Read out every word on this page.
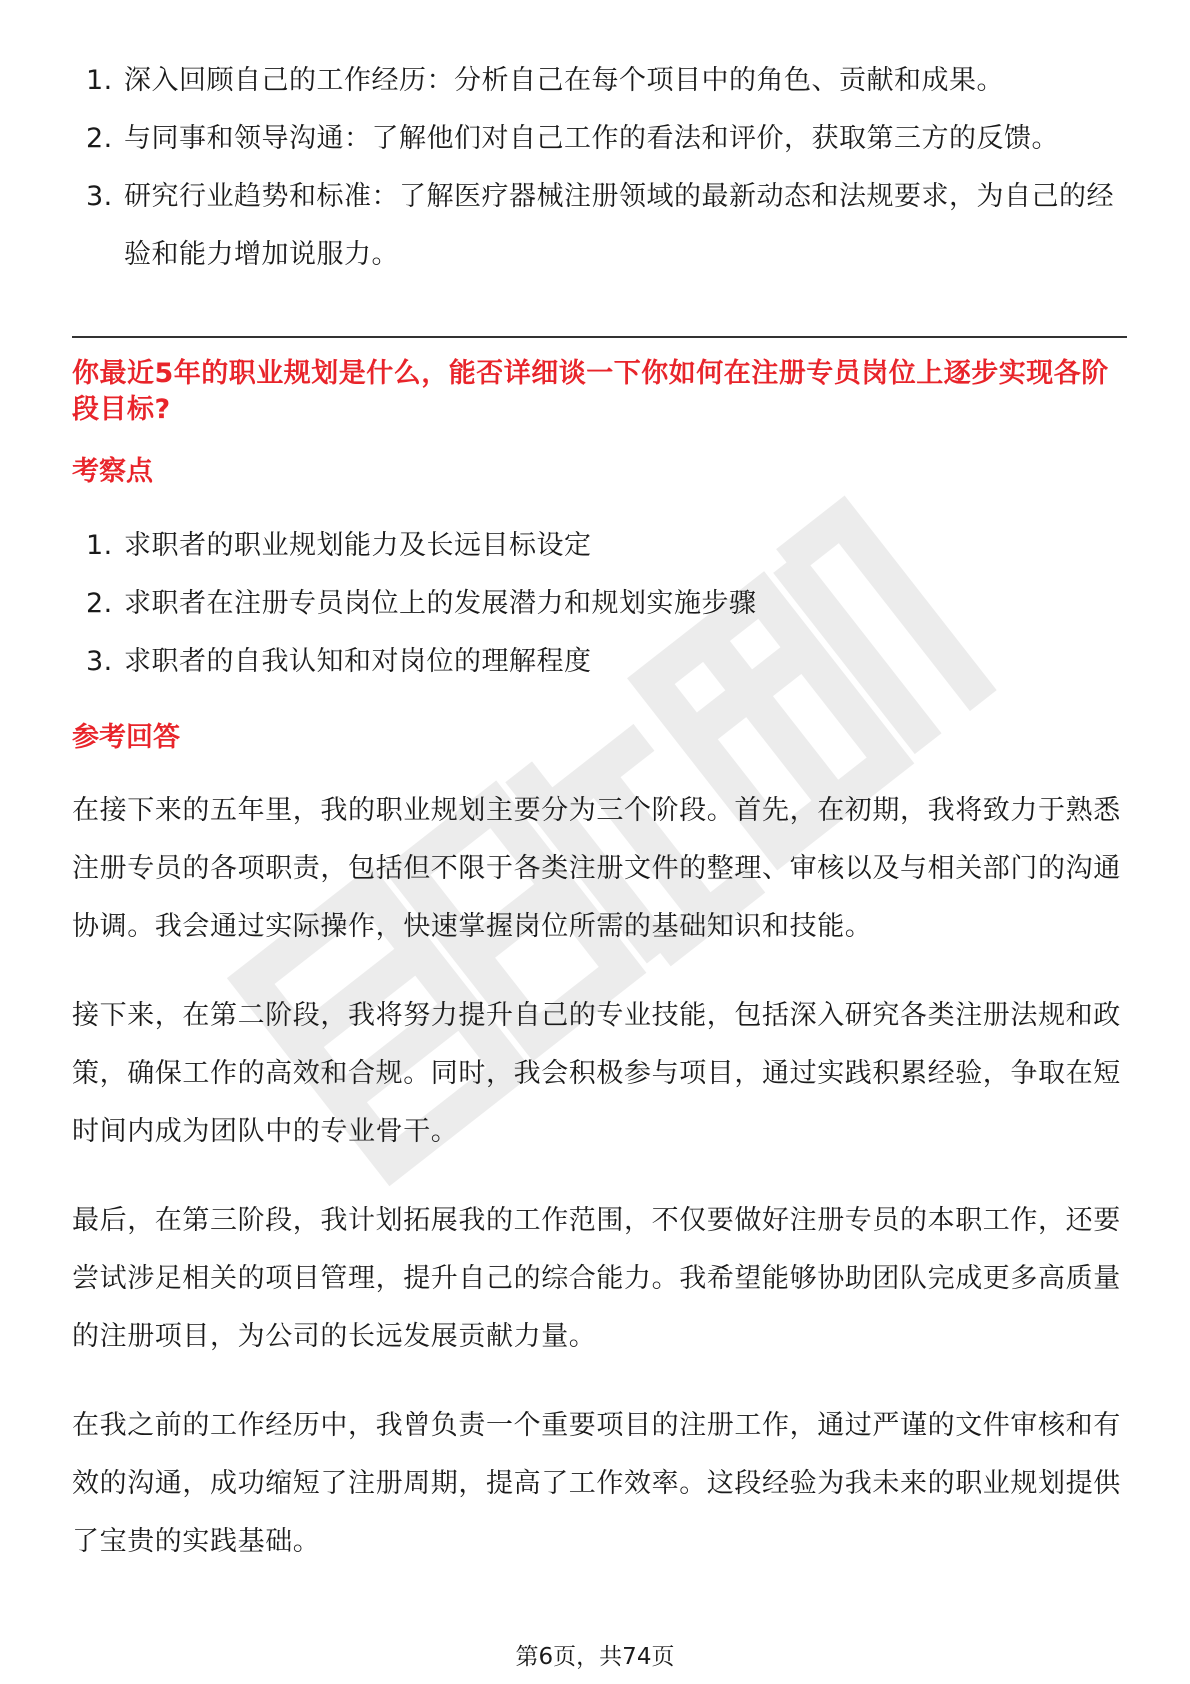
1. 深入回顾自己的工作经历：分析自己在每个项目中的角色、贡献和成果。
2. 与同事和领导沟通：了解他们对自己工作的看法和评价，获取第三方的反馈。
3. 研究行业趋势和标准：了解医疗器械注册领域的最新动态和法规要求，为自己的经验和能力增加说服力。
你最近5年的职业规划是什么，能否详细谈一下你如何在注册专员岗位上逐步实现各阶段目标?
考察点
1. 求职者的职业规划能力及长远目标设定
2. 求职者在注册专员岗位上的发展潜力和规划实施步骤
3. 求职者的自我认知和对岗位的理解程度
参考回答

在接下来的五年里，我的职业规划主要分为三个阶段。首先，在初期，我将致力于熟悉注册专员的各项职责，包括但不限于各类注册文件的整理、审核以及与相关部门的沟通协调。我会通过实际操作，快速掌握岗位所需的基础知识和技能。

接下来，在第二阶段，我将努力提升自己的专业技能，包括深入研究各类注册法规和政策，确保工作的高效和合规。同时，我会积极参与项目，通过实践积累经验，争取在短时间内成为团队中的专业骨干。

最后，在第三阶段，我计划拓展我的工作范围，不仅要做好注册专员的本职工作，还要尝试涉足相关的项目管理，提升自己的综合能力。我希望能够协助团队完成更多高质量的注册项目，为公司的长远发展贡献力量。

在我之前的工作经历中，我曾负责一个重要项目的注册工作，通过严谨的文件审核和有效的沟通，成功缩短了注册周期，提高了工作效率。这段经验为我未来的职业规划提供了宝贵的实践基础。

第6页，共74页
